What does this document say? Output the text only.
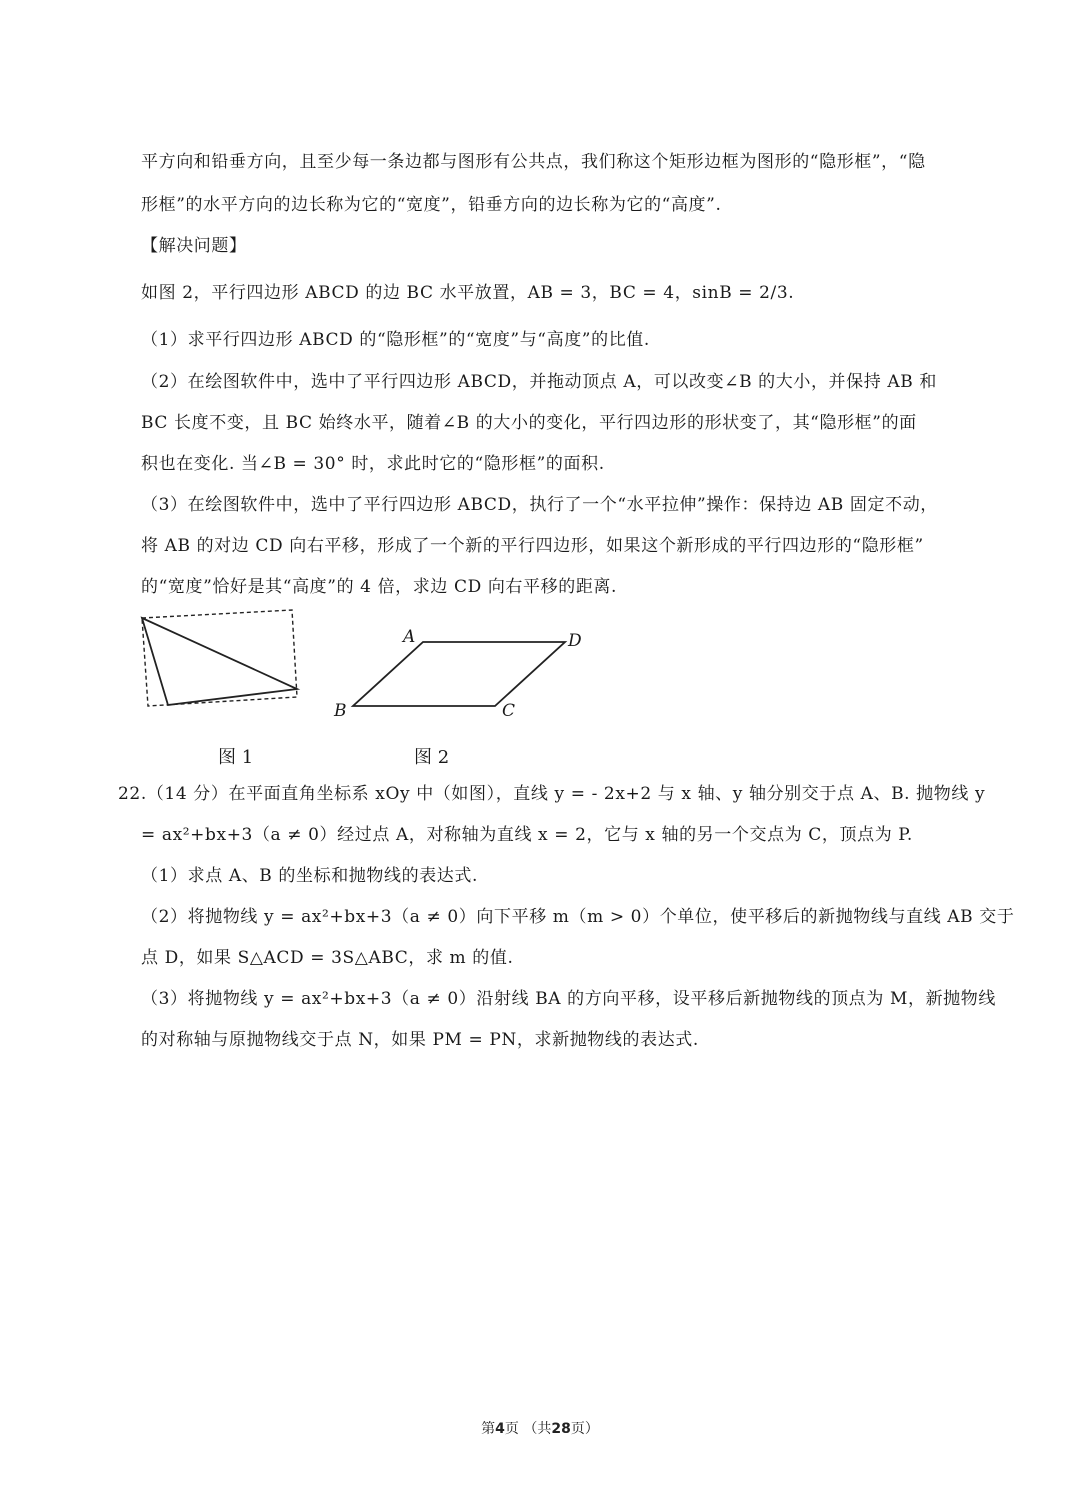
平方向和铅垂方向，且至少每一条边都与图形有公共点，我们称这个矩形边框为图形的“隐形框”，“隐
形框”的水平方向的边长称为它的“宽度”，铅垂方向的边长称为它的“高度”.
【解决问题】
如图 2，平行四边形 ABCD 的边 BC 水平放置，AB = 3，BC = 4，sinB = 2/3.
（1）求平行四边形 ABCD 的“隐形框”的“宽度”与“高度”的比值.
（2）在绘图软件中，选中了平行四边形 ABCD，并拖动顶点 A，可以改变∠B 的大小，并保持 AB 和
BC 长度不变，且 BC 始终水平，随着∠B 的大小的变化，平行四边形的形状变了，其“隐形框”的面
积也在变化. 当∠B = 30° 时，求此时它的“隐形框”的面积.
（3）在绘图软件中，选中了平行四边形 ABCD，执行了一个“水平拉伸”操作：保持边 AB 固定不动，
将 AB 的对边 CD 向右平移，形成了一个新的平行四边形，如果这个新形成的平行四边形的“隐形框”
的“宽度”恰好是其“高度”的 4 倍，求边 CD 向右平移的距离.
A	D
B	C
图 1	图 2
22.（14 分）在平面直角坐标系 xOy 中（如图），直线 y = - 2x+2 与 x 轴、y 轴分别交于点 A、B. 抛物线 y
= ax²+bx+3（a ≠ 0）经过点 A，对称轴为直线 x = 2，它与 x 轴的另一个交点为 C，顶点为 P.
（1）求点 A、B 的坐标和抛物线的表达式.
（2）将抛物线 y = ax²+bx+3（a ≠ 0）向下平移 m（m > 0）个单位，使平移后的新抛物线与直线 AB 交于
点 D，如果 S△ACD = 3S△ABC，求 m 的值.
（3）将抛物线 y = ax²+bx+3（a ≠ 0）沿射线 BA 的方向平移，设平移后新抛物线的顶点为 M，新抛物线
的对称轴与原抛物线交于点 N，如果 PM = PN，求新抛物线的表达式.
第4页 （共28页）
